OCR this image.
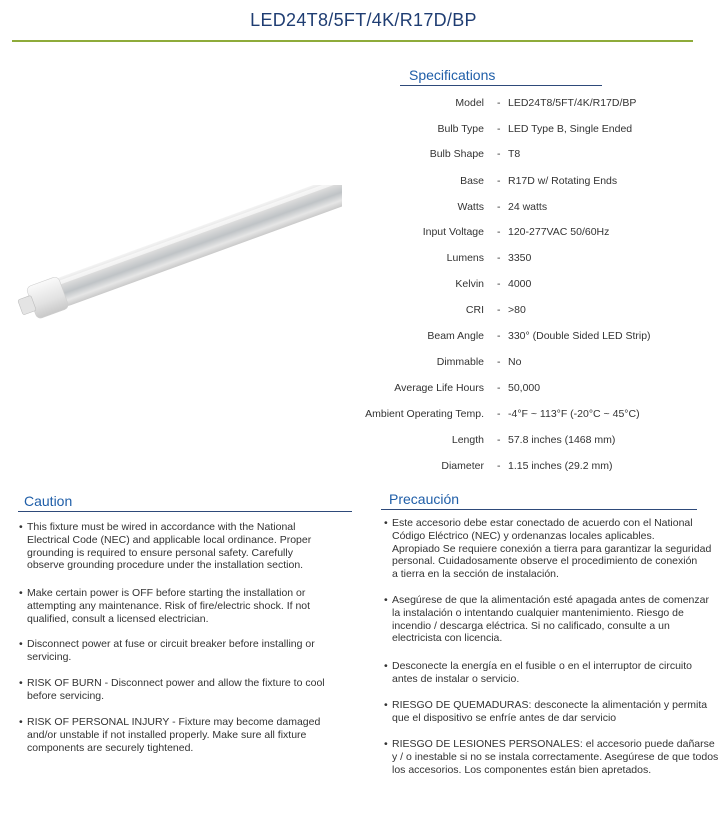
LED24T8/5FT/4K/R17D/BP
Specifications
Model - LED24T8/5FT/4K/R17D/BP
Bulb Type - LED Type B, Single Ended
Bulb Shape - T8
Base - R17D w/ Rotating Ends
Watts - 24 watts
Input Voltage - 120-277VAC 50/60Hz
Lumens - 3350
Kelvin - 4000
CRI - >80
Beam Angle - 330° (Double Sided LED Strip)
Dimmable - No
Average Life Hours - 50,000
Ambient Operating Temp. - -4°F ~ 113°F (-20°C ~ 45°C)
Length - 57.8 inches (1468 mm)
Diameter - 1.15 inches (29.2 mm)
Caution
• This fixture must be wired in accordance with the National
Electrical Code (NEC) and applicable local ordinance. Proper
grounding is required to ensure personal safety. Carefully
observe grounding procedure under the installation section.
• Make certain power is OFF before starting the installation or
attempting any maintenance. Risk of fire/electric shock. If not
qualified, consult a licensed electrician.
• Disconnect power at fuse or circuit breaker before installing or
servicing.
• RISK OF BURN - Disconnect power and allow the fixture to cool
before servicing.
• RISK OF PERSONAL INJURY - Fixture may become damaged
and/or unstable if not installed properly. Make sure all fixture
components are securely tightened.
Precaución
• Este accesorio debe estar conectado de acuerdo con el National
Código Eléctrico (NEC) y ordenanzas locales aplicables.
Apropiado Se requiere conexión a tierra para garantizar la seguridad
personal. Cuidadosamente observe el procedimiento de conexión
a tierra en la sección de instalación.
• Asegúrese de que la alimentación esté apagada antes de comenzar
la instalación o intentando cualquier mantenimiento. Riesgo de
incendio / descarga eléctrica. Si no calificado, consulte a un
electricista con licencia.
• Desconecte la energía en el fusible o en el interruptor de circuito
antes de instalar o servicio.
• RIESGO DE QUEMADURAS: desconecte la alimentación y permita
que el dispositivo se enfríe antes de dar servicio
• RIESGO DE LESIONES PERSONALES: el accesorio puede dañarse
y / o inestable si no se instala correctamente. Asegúrese de que todos
los accesorios. Los componentes están bien apretados.
